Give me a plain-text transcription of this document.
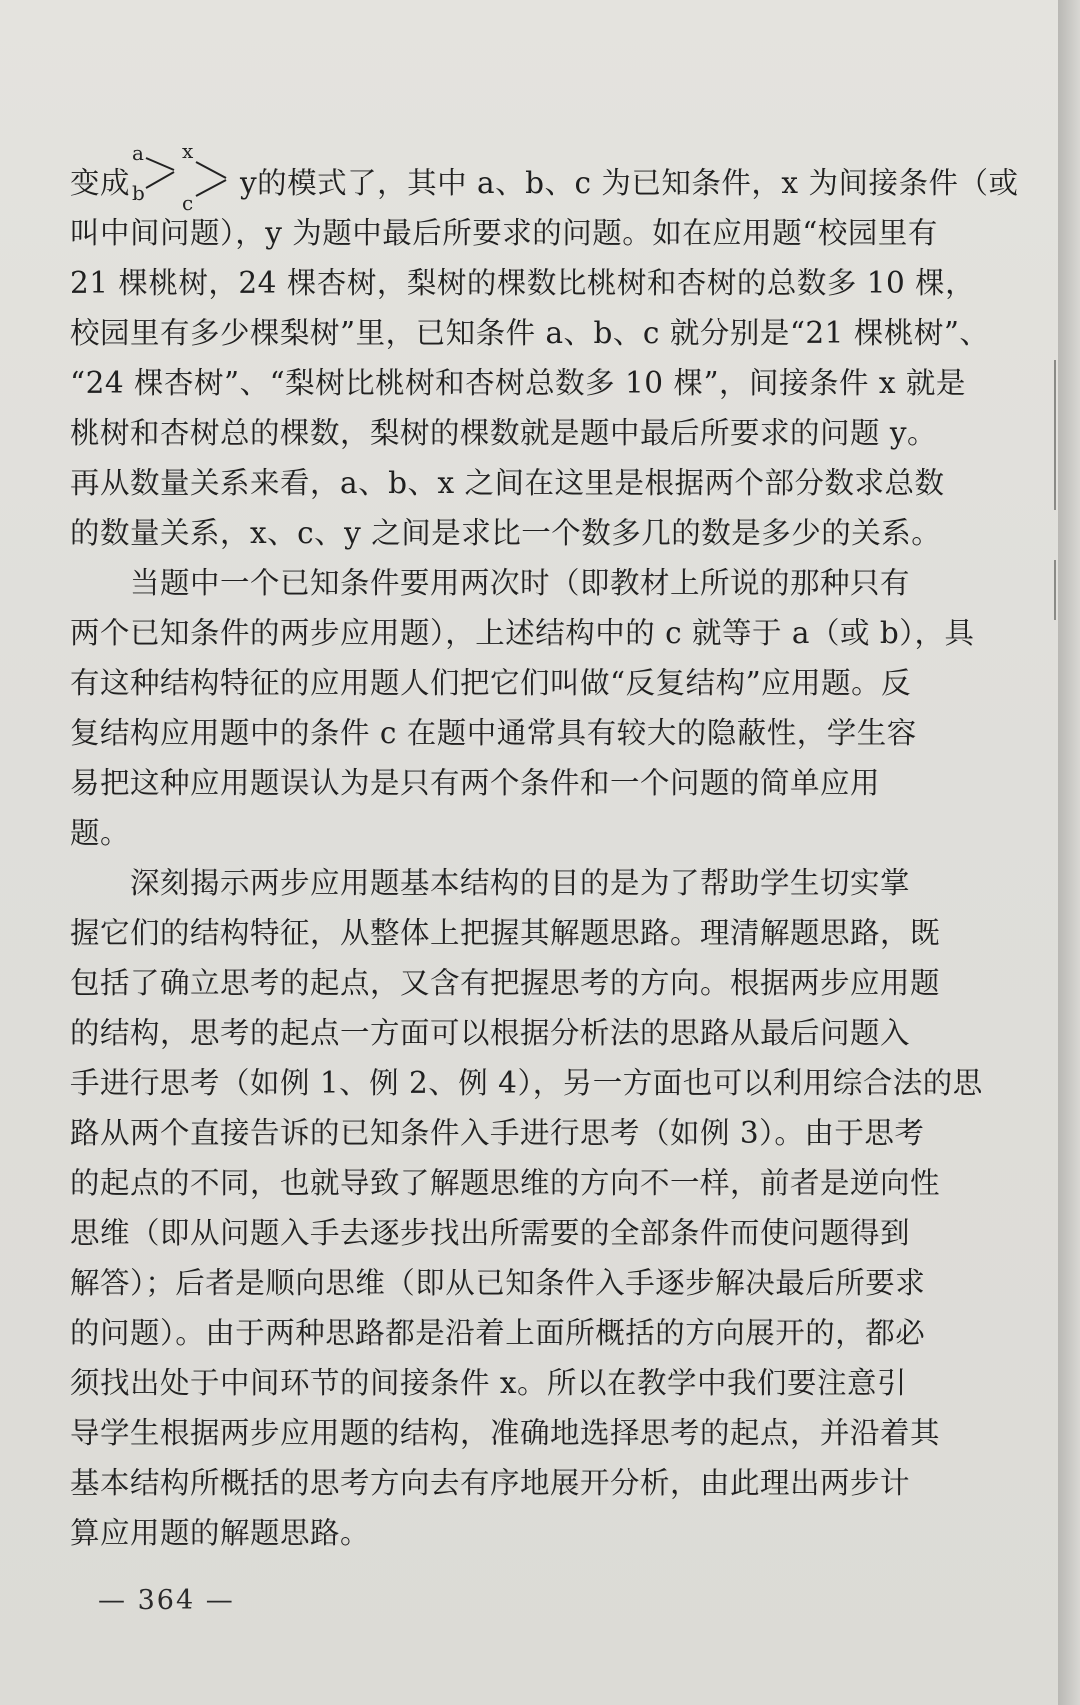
变成
a
b
x
c
y的模式了，其中 a、b、c 为已知条件，x 为间接条件（或
叫中间问题），y 为题中最后所要求的问题。如在应用题“校园里有
21 棵桃树，24 棵杏树，梨树的棵数比桃树和杏树的总数多 10 棵，
校园里有多少棵梨树”里，已知条件 a、b、c 就分别是“21 棵桃树”、
“24 棵杏树”、“梨树比桃树和杏树总数多 10 棵”，间接条件 x 就是
桃树和杏树总的棵数，梨树的棵数就是题中最后所要求的问题 y。
再从数量关系来看，a、b、x 之间在这里是根据两个部分数求总数
的数量关系，x、c、y 之间是求比一个数多几的数是多少的关系。
当题中一个已知条件要用两次时（即教材上所说的那种只有
两个已知条件的两步应用题），上述结构中的 c 就等于 a（或 b），具
有这种结构特征的应用题人们把它们叫做“反复结构”应用题。反
复结构应用题中的条件 c 在题中通常具有较大的隐蔽性，学生容
易把这种应用题误认为是只有两个条件和一个问题的简单应用
题。
深刻揭示两步应用题基本结构的目的是为了帮助学生切实掌
握它们的结构特征，从整体上把握其解题思路。理清解题思路，既
包括了确立思考的起点，又含有把握思考的方向。根据两步应用题
的结构，思考的起点一方面可以根据分析法的思路从最后问题入
手进行思考（如例 1、例 2、例 4），另一方面也可以利用综合法的思
路从两个直接告诉的已知条件入手进行思考（如例 3）。由于思考
的起点的不同，也就导致了解题思维的方向不一样，前者是逆向性
思维（即从问题入手去逐步找出所需要的全部条件而使问题得到
解答）；后者是顺向思维（即从已知条件入手逐步解决最后所要求
的问题）。由于两种思路都是沿着上面所概括的方向展开的，都必
须找出处于中间环节的间接条件 x。所以在教学中我们要注意引
导学生根据两步应用题的结构，准确地选择思考的起点，并沿着其
基本结构所概括的思考方向去有序地展开分析，由此理出两步计
算应用题的解题思路。
— 364 —
